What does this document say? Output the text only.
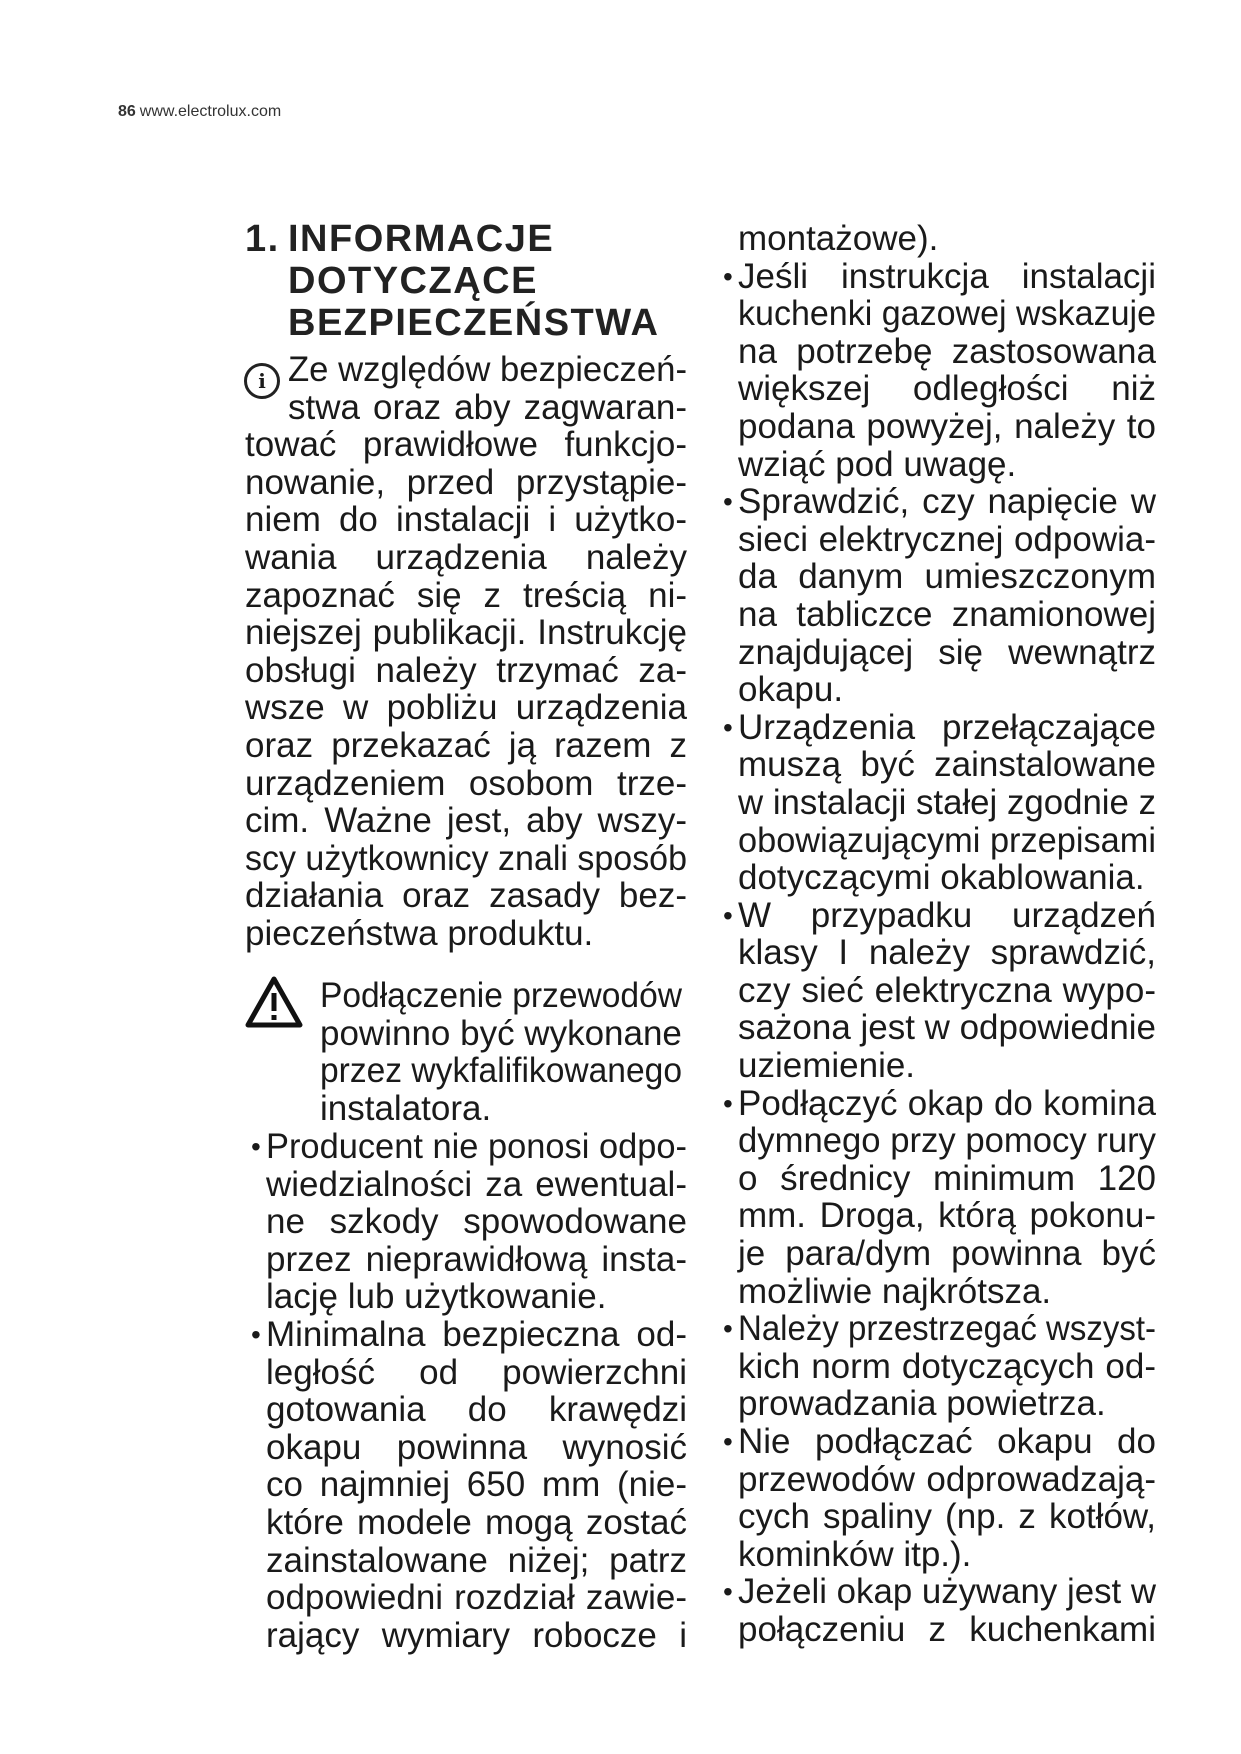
86 www.electrolux.com
1. INFORMACJE
DOTYCZĄCE
BEZPIECZEŃSTWA
i Ze względów bezpieczeń-
stwa oraz aby zagwaran-
tować prawidłowe funkcjo-
nowanie, przed przystąpie-
niem do instalacji i użytko-
wania urządzenia należy
zapoznać się z treścią ni-
niejszej publikacji. Instrukcję
obsługi należy trzymać za-
wsze w pobliżu urządzenia
oraz przekazać ją razem z
urządzeniem osobom trze-
cim. Ważne jest, aby wszy-
scy użytkownicy znali sposób
działania oraz zasady bez-
pieczeństwa produktu.
Podłączenie przewodów
powinno być wykonane
przez wykfalifikowanego
instalatora.
Producent nie ponosi odpo-
•
wiedzialności za ewentual-
ne szkody spowodowane
przez nieprawidłową insta-
lację lub użytkowanie.
Minimalna bezpieczna od-
•
ległość od powierzchni
gotowania do krawędzi
okapu powinna wynosić
co najmniej 650 mm (nie-
które modele mogą zostać
zainstalowane niżej; patrz
odpowiedni rozdział zawie-
rający wymiary robocze i
montażowe).
Jeśli instrukcja instalacji
•
kuchenki gazowej wskazuje
na potrzebę zastosowana
większej odległości niż
podana powyżej, należy to
wziąć pod uwagę.
Sprawdzić, czy napięcie w
•
sieci elektrycznej odpowia-
da danym umieszczonym
na tabliczce znamionowej
znajdującej się wewnątrz
okapu.
Urządzenia przełączające
•
muszą być zainstalowane
w instalacji stałej zgodnie z
obowiązującymi przepisami
dotyczącymi okablowania.
W przypadku urządzeń
•
klasy I należy sprawdzić,
czy sieć elektryczna wypo-
sażona jest w odpowiednie
uziemienie.
Podłączyć okap do komina
•
dymnego przy pomocy rury
o średnicy minimum 120
mm. Droga, którą pokonu-
je para/dym powinna być
możliwie najkrótsza.
Należy przestrzegać wszyst-
•
kich norm dotyczących od-
prowadzania powietrza.
Nie podłączać okapu do
•
przewodów odprowadzają-
cych spaliny (np. z kotłów,
kominków itp.).
Jeżeli okap używany jest w
•
połączeniu z kuchenkami
